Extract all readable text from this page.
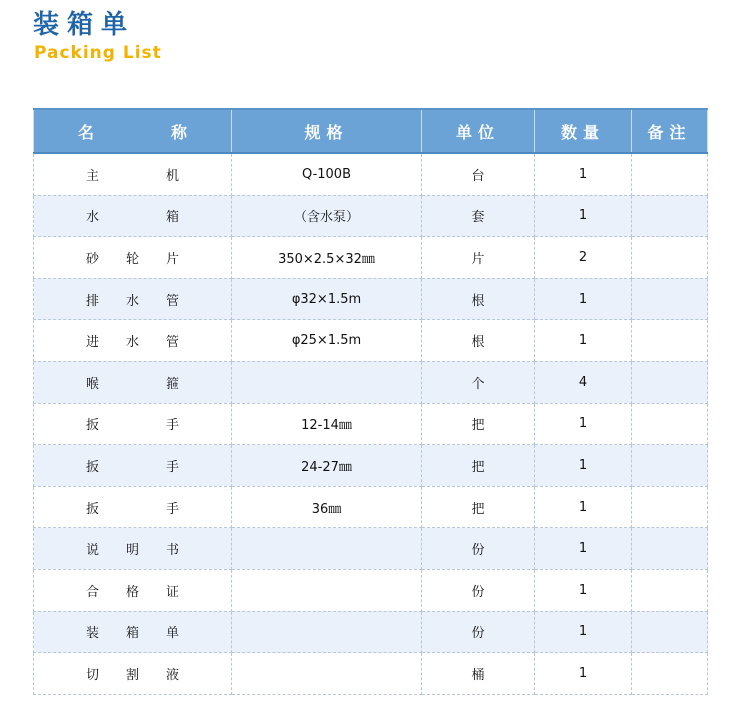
装箱单
Packing List
名 称	规格	单位	数量	备注

主 机	Q-100B	台	1	

水 箱	（含水泵）	套	1	

砂 轮 片	350×2.5×32㎜	片	2	

排 水 管	φ32×1.5m	根	1	

进 水 管	φ25×1.5m	根	1	

喉 箍		个	4	

扳 手	12-14㎜	把	1	

扳 手	24-27㎜	把	1	

扳 手	36㎜	把	1	

说 明 书		份	1	

合 格 证		份	1	

装 箱 单		份	1	

切 割 液		桶	1	
